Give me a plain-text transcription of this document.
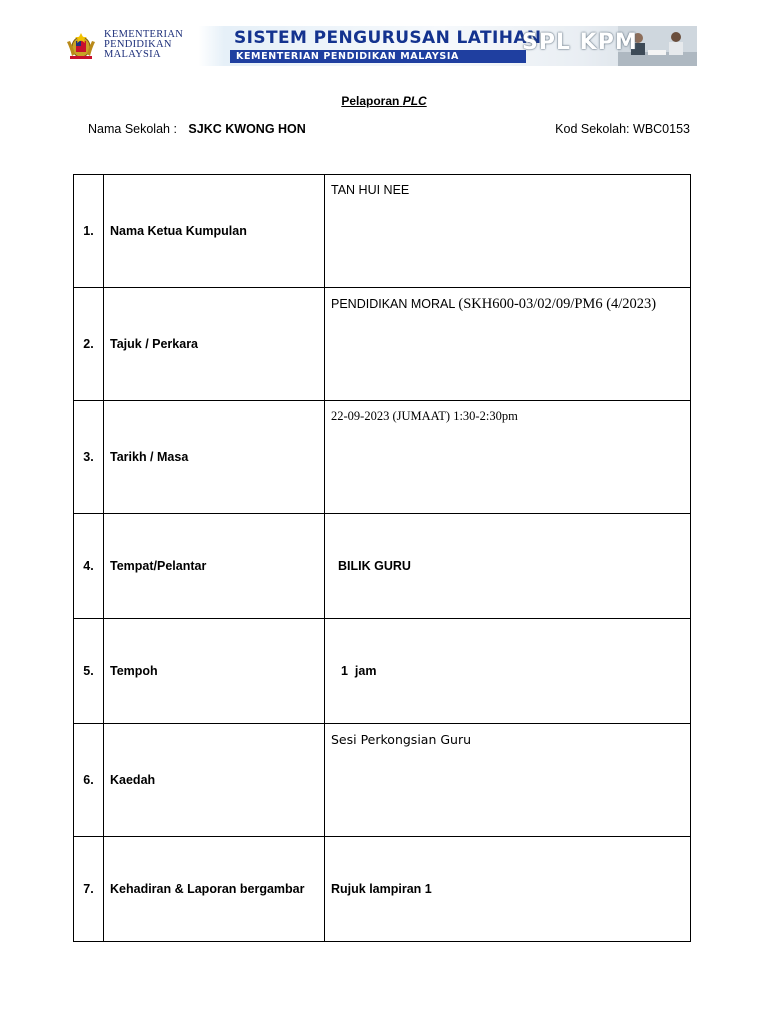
KEMENTERIAN
PENDIDIKAN
MALAYSIA
SISTEM PENGURUSAN LATIHAN
KEMENTERIAN PENDIDIKAN MALAYSIA
SPL KPM
Pelaporan PLC
Nama Sekolah : SJKC KWONG HON	Kod Sekolah: WBC0153
1.	Nama Ketua Kumpulan	TAN HUI NEE
2.	Tajuk / Perkara	PENDIDIKAN MORAL (SKH600-03/02/09/PM6 (4/2023)
3.	Tarikh / Masa	22-09-2023 (JUMAAT) 1:30-2:30pm
4.	Tempat/Pelantar	BILIK GURU
5.	Tempoh	1  jam
6.	Kaedah	Sesi Perkongsian Guru
7.	Kehadiran & Laporan bergambar	Rujuk lampiran 1
